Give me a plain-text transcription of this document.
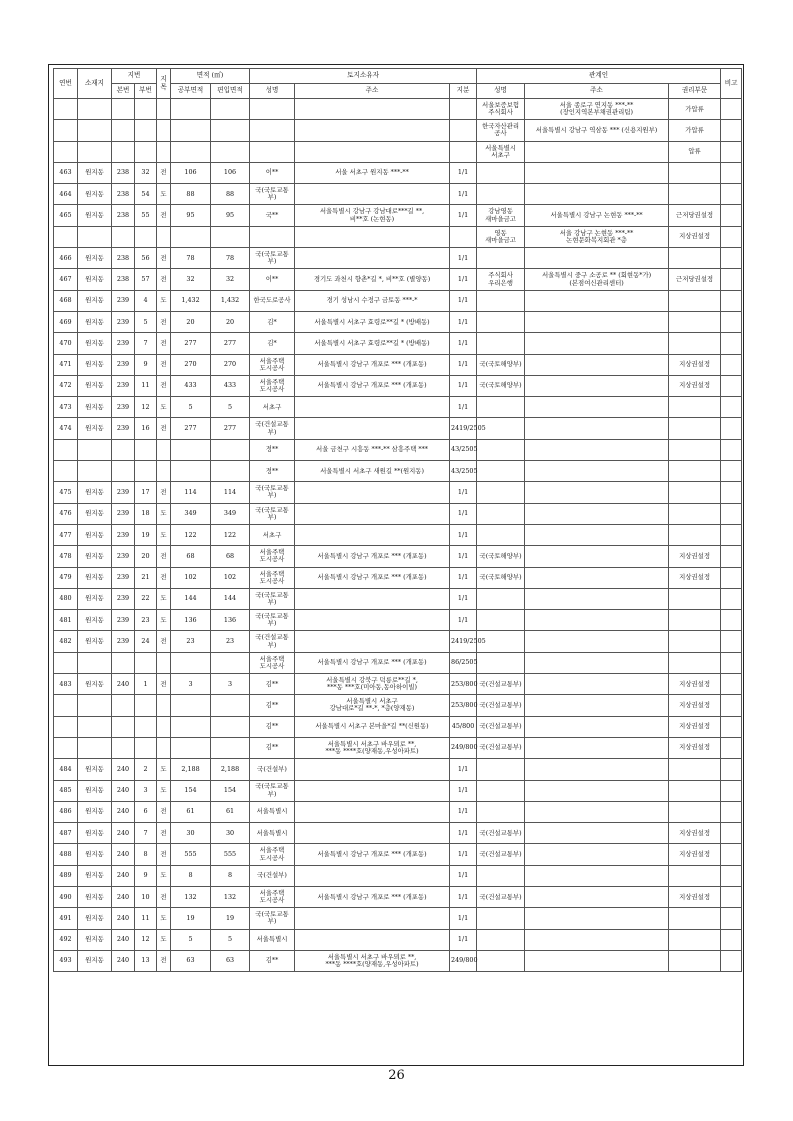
연번	소재지	지번		지목	면적 (㎡)		토지소유자			관계인			비고
		본번	부번		공부면적	편입면적	성명	주소	지분	성명	주소	권리부문	
										서울보증보험
주식회사	서울 종로구 연지동 ***-**
(장인지역본부채권관리팀)	가압류	
										한국자산관리
공사	서울특별시 강남구 역삼동 *** (신용지원부)	가압류	
										서울특별시
서초구		압류	
463	원지동	238	32	전	106	106	이**	서울 서초구 원지동 ***-**	1/1				
464	원지동	238	54	도	88	88	국(국토교통부)		1/1				
465	원지동	238	55	전	95	95	국**	서울특별시 강남구 강남대로***길 **,
비**호 (논현동)	1/1	강남영동
새마을금고	서울특별시 강남구 논현동 ***-**	근저당권설정	
										영동
새마을금고	서울 강남구 논현동 ***-**
논현문화복지회관 *층	지상권설정	
466	원지동	238	56	전	78	78	국(국토교통부)		1/1				
467	원지동	238	57	전	32	32	이**	경기도 과천시 향촌*길 *, 비**호 (별양동)	1/1	주식회사
우리은행	서울특별시 중구 소공로 ** (회현동*가)
(본점여신관리센터)	근저당권설정	
468	원지동	239	4	도	1,432	1,432	한국도로공사	경기 성남시 수정구 금토동 ***-*	1/1				
469	원지동	239	5	전	20	20	김*	서울특별시 서초구 효령로**길 * (방배동)	1/1				
470	원지동	239	7	전	277	277	김*	서울특별시 서초구 효령로**길 * (방배동)	1/1				
471	원지동	239	9	전	270	270	서울주택
도시공사	서울특별시 강남구 개포로 *** (개포동)	1/1	국(국토해양부)		지상권설정	
472	원지동	239	11	전	433	433	서울주택
도시공사	서울특별시 강남구 개포로 *** (개포동)	1/1	국(국토해양부)		지상권설정	
473	원지동	239	12	도	5	5	서초구		1/1				
474	원지동	239	16	전	277	277	국(건설교통부)		2419/2505				
							정**	서울 금천구 시흥동 ***-** 삼흥주택 ***	43/2505				
							정**	서울특별시 서초구 새원길 **(원지동)	43/2505				
475	원지동	239	17	전	114	114	국(국토교통부)		1/1				
476	원지동	239	18	도	349	349	국(국토교통부)		1/1				
477	원지동	239	19	도	122	122	서초구		1/1				
478	원지동	239	20	전	68	68	서울주택
도시공사	서울특별시 강남구 개포로 *** (개포동)	1/1	국(국토해양부)		지상권설정	
479	원지동	239	21	전	102	102	서울주택
도시공사	서울특별시 강남구 개포로 *** (개포동)	1/1	국(국토해양부)		지상권설정	
480	원지동	239	22	도	144	144	국(국토교통부)		1/1				
481	원지동	239	23	도	136	136	국(국토교통부)		1/1				
482	원지동	239	24	전	23	23	국(건설교통부)		2419/2505				
							서울주택
도시공사	서울특별시 강남구 개포로 *** (개포동)	86/2505				
483	원지동	240	1	전	3	3	김**	서울특별시 강북구 덕릉로**길 *,
***동 ***호(미아동,동아하이빌)	253/800	국(건설교통부)		지상권설정	
							김**	서울특별시 서초구
강남대로*길 **-*, *층(양재동)	253/800	국(건설교통부)		지상권설정	
							김**	서울특별시 서초구 본마을*길 **(신원동)	45/800	국(건설교통부)		지상권설정	
							김**	서울특별시 서초구 바우뫼로 **,
***동 ****호(양재동,우성아파트)	249/800	국(건설교통부)		지상권설정	
484	원지동	240	2	도	2,188	2,188	국(건설부)		1/1				
485	원지동	240	3	도	154	154	국(국토교통부)		1/1				
486	원지동	240	6	전	61	61	서울특별시		1/1				
487	원지동	240	7	전	30	30	서울특별시		1/1	국(건설교통부)		지상권설정	
488	원지동	240	8	전	555	555	서울주택
도시공사	서울특별시 강남구 개포로 *** (개포동)	1/1	국(건설교통부)		지상권설정	
489	원지동	240	9	도	8	8	국(건설부)		1/1				
490	원지동	240	10	전	132	132	서울주택
도시공사	서울특별시 강남구 개포로 *** (개포동)	1/1	국(건설교통부)		지상권설정	
491	원지동	240	11	도	19	19	국(국토교통부)		1/1				
492	원지동	240	12	도	5	5	서울특별시		1/1				
493	원지동	240	13	전	63	63	김**	서울특별시 서초구 바우뫼로 **,
***동 ****호(양재동,우성아파트)	249/800				
26
